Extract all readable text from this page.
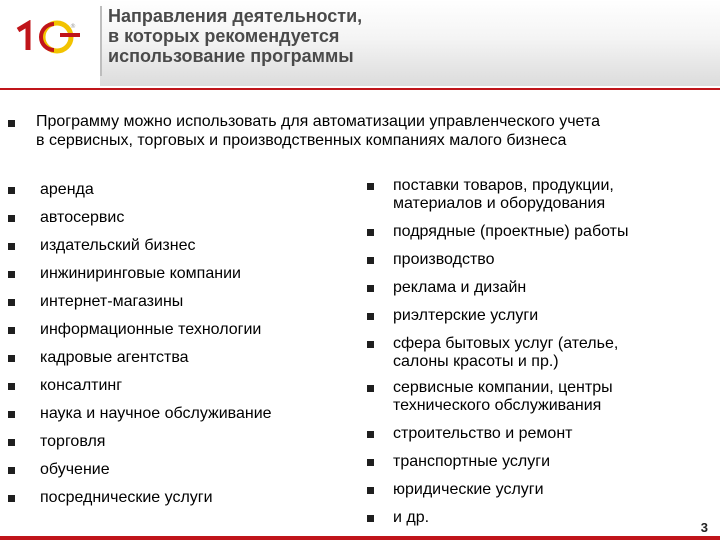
®
Направления деятельности,
в которых рекомендуется
использование программы
Программу можно использовать для автоматизации управленческого учета
в сервисных, торговых и производственных компаниях малого бизнеса
аренда
автосервис
издательский бизнес
инжиниринговые компании
интернет-магазины
информационные технологии
кадровые агентства
консалтинг
наука и научное обслуживание
торговля
обучение
посреднические услуги
поставки товаров, продукции,
материалов и оборудования
подрядные (проектные) работы
производство
реклама и дизайн
риэлтерские услуги
сфера бытовых услуг (ателье,
салоны красоты и пр.)
сервисные компании, центры
технического обслуживания
строительство и ремонт
транспортные услуги
юридические услуги
и др.
3
